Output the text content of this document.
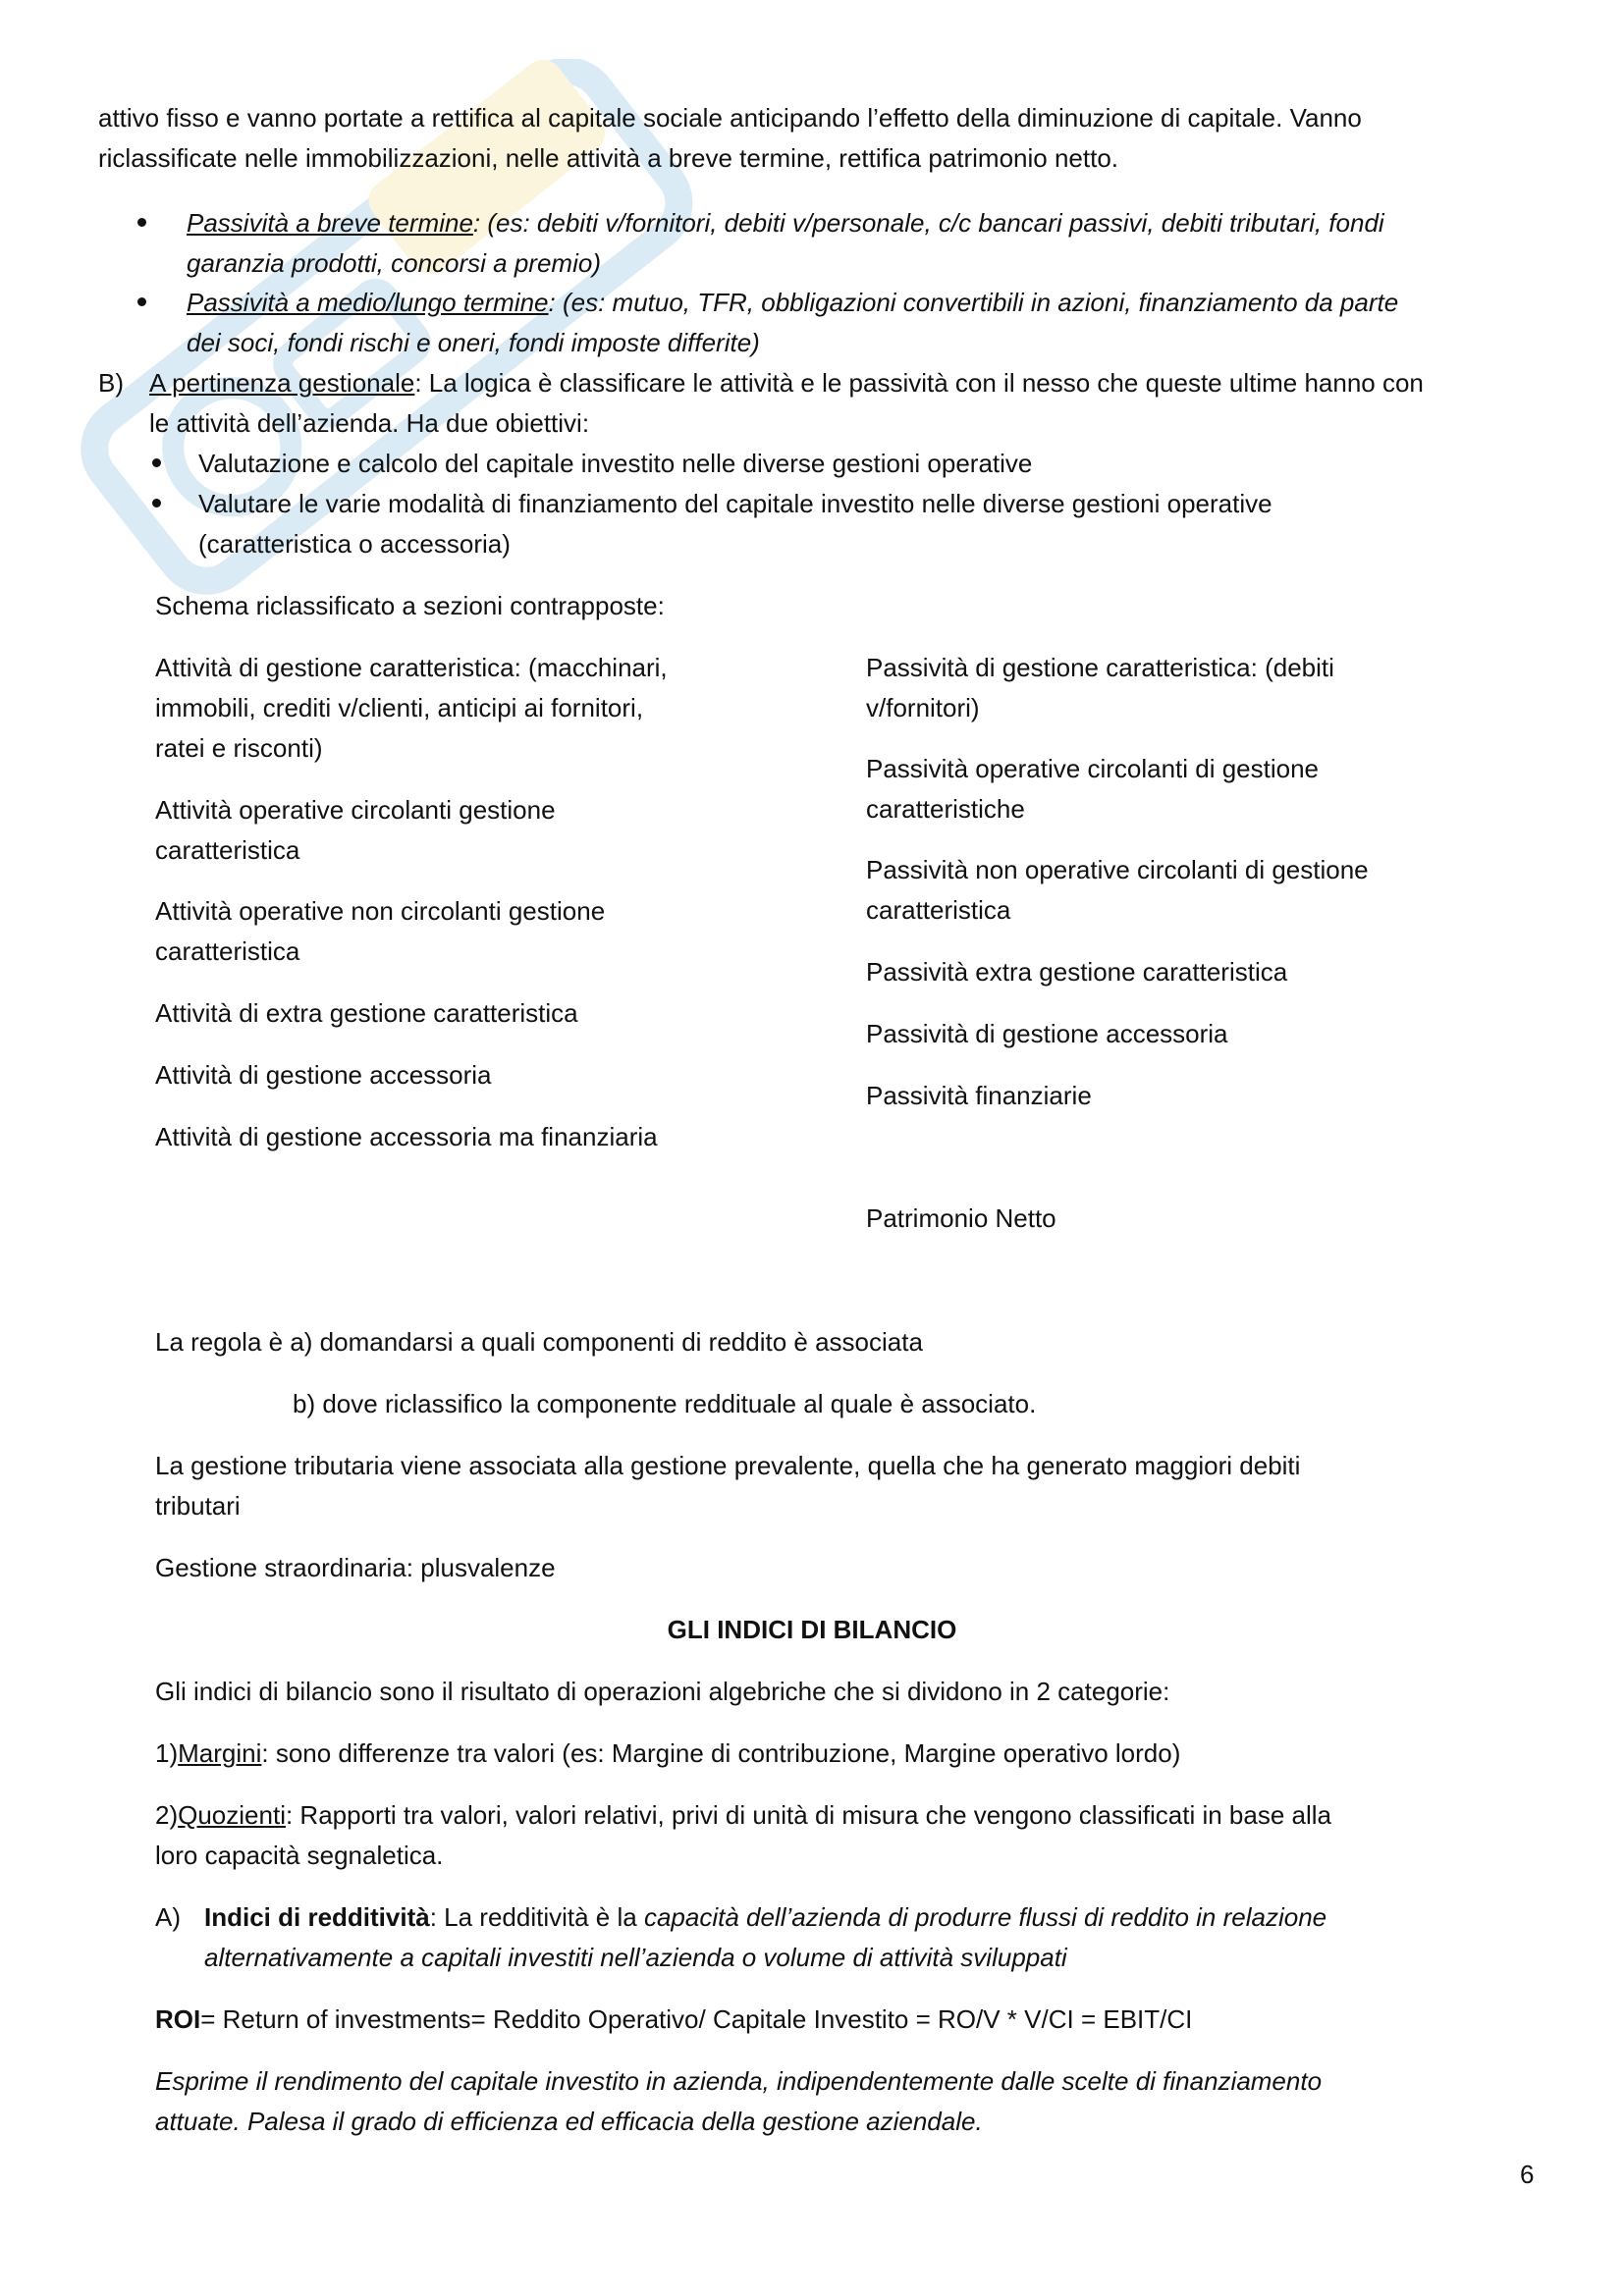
attivo fisso e vanno portate a rettifica al capitale sociale anticipando l’effetto della diminuzione di capitale. Vanno

riclassificate nelle immobilizzazioni, nelle attività a breve termine, rettifica patrimonio netto.

Passività a breve termine: (es: debiti v/fornitori, debiti v/personale, c/c bancari passivi, debiti tributari, fondi

garanzia prodotti, concorsi a premio)

Passività a medio/lungo termine: (es: mutuo, TFR, obbligazioni convertibili in azioni, finanziamento da parte

dei soci, fondi rischi e oneri, fondi imposte differite)

B) A pertinenza gestionale: La logica è classificare le attività e le passività con il nesso che queste ultime hanno con

le attività dell’azienda. Ha due obiettivi:

Valutazione e calcolo del capitale investito nelle diverse gestioni operative

Valutare le varie modalità di finanziamento del capitale investito nelle diverse gestioni operative

(caratteristica o accessoria)

Schema riclassificato a sezioni contrapposte:

Attività di gestione caratteristica: (macchinari,

immobili, crediti v/clienti, anticipi ai fornitori,

ratei e risconti)

Attività operative circolanti gestione

caratteristica

Attività operative non circolanti gestione

caratteristica

Attività di extra gestione caratteristica

Attività di gestione accessoria

Attività di gestione accessoria ma finanziaria

Passività di gestione caratteristica: (debiti

v/fornitori)

Passività operative circolanti di gestione

caratteristiche

Passività non operative circolanti di gestione

caratteristica

Passività extra gestione caratteristica

Passività di gestione accessoria

Passività finanziarie

Patrimonio Netto

La regola è a) domandarsi a quali componenti di reddito è associata

b) dove riclassifico la componente reddituale al quale è associato.

La gestione tributaria viene associata alla gestione prevalente, quella che ha generato maggiori debiti

tributari

Gestione straordinaria: plusvalenze

GLI INDICI DI BILANCIO

Gli indici di bilancio sono il risultato di operazioni algebriche che si dividono in 2 categorie:

1)Margini: sono differenze tra valori (es: Margine di contribuzione, Margine operativo lordo)

2)Quozienti: Rapporti tra valori, valori relativi, privi di unità di misura che vengono classificati in base alla

loro capacità segnaletica.

A) Indici di redditività: La redditività è la capacità dell’azienda di produrre flussi di reddito in relazione

alternativamente a capitali investiti nell’azienda o volume di attività sviluppati

ROI= Return of investments= Reddito Operativo/ Capitale Investito = RO/V * V/CI = EBIT/CI

Esprime il rendimento del capitale investito in azienda, indipendentemente dalle scelte di finanziamento

attuate. Palesa il grado di efficienza ed efficacia della gestione aziendale.

6
